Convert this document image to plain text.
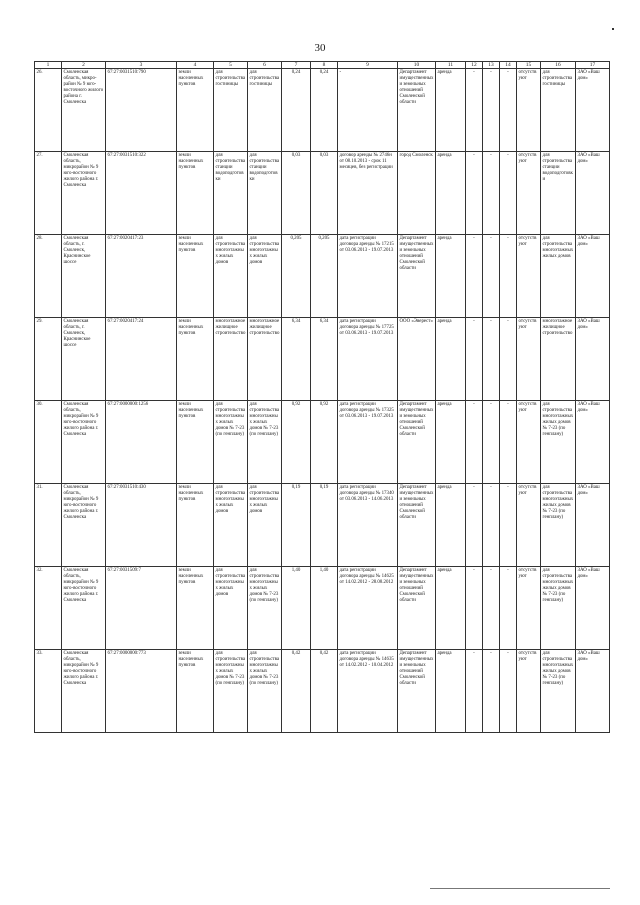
30
1	2	3	4	5	6	7	8	9	10	11	12	13	14	15	16	17
26.	Смоленская область, микро-район № 9 юго-восточного жилого района г. Смоленска	67:27:0031510:790	земли населенных пунктов	для строительства гостиницы	для строительства гостиницы	0,24	0,24	-	Департамент имущественных и земельных отношений Смоленской области	аренда	-	-	-	отсутствуют	для строительства гостиницы	ЗАО «Ваш дом»
27.	Смоленская область, микрорайон № 9 юго-восточного жилого района г. Смоленска	67:27:0031510:322	земли населенных пунктов	для строительства станции водоподготовки	для строительства станции водоподготовки	0,03	0,03	договор аренды № 2746н от 08.10.2013 - срок 11 месяцев, без регистрации	город Смоленск	аренда	-	-	-	отсутствуют	для строительства станции водоподготовки	ЗАО «Ваш дом»
28.	Смоленская область, г. Смоленск, Краснинское шоссе	67:27:0020417:23	земли населенных пунктов	для строительства многоэтажных жилых домов	для строительства многоэтажных жилых домов	0,205	0,205	дата регистрации договора аренды № 17215 от 03.06.2013 - 19.07.2013	Департамент имущественных и земельных отношений Смоленской области	аренда	-	-	-	отсутствуют	для строительства многоэтажных жилых домов	ЗАО «Ваш дом»
29.	Смоленская область, г. Смоленск, Краснинское шоссе	67:27:0020417:24	земли населенных пунктов	многоэтажное жилищное строительство	многоэтажное жилищное строительство	6,34	6,34	дата регистрации договора аренды № 17725 от 03.06.2013 - 19.07.2013	ООО «Эверест»	аренда	-	-	-	отсутствуют	многоэтажное жилищное строительство	ЗАО «Ваш дом»
30.	Смоленская область, микрорайон № 9 юго-восточного жилого района г. Смоленска	67:27:0000000:1256	земли населенных пунктов	для строительства многоэтажных жилых домов № 7-23 (по генплану)	для строительства многоэтажных жилых домов № 7-23 (по генплану)	0,92	0,92	дата регистрации договора аренды № 17325 от 03.06.2013 - 19.07.2013	Департамент имущественных и земельных отношений Смоленской области	аренда	-	-	-	отсутствуют	для строительства многоэтажных жилых домов № 7-23 (по генплану)	ЗАО «Ваш дом»
31.	Смоленская область, микрорайон № 9 юго-восточного жилого района г. Смоленска	67:27:0031510:430	земли населенных пунктов	для строительства многоэтажных жилых домов	для строительства многоэтажных жилых домов	0,19	0,19	дата регистрации договора аренды № 17340 от 03.06.2013 - 14.06.2013	Департамент имущественных и земельных отношений Смоленской области	аренда	-	-	-	отсутствуют	для строительства многоэтажных жилых домов № 7-23 (по генплану)	ЗАО «Ваш дом»
32.	Смоленская область, микрорайон № 9 юго-восточного жилого района г. Смоленска	67:27:0031509:7	земли населенных пунктов	для строительства многоэтажных жилых домов	для строительства многоэтажных жилых домов № 7-23 (по генплану)	1,40	1,40	дата регистрации договора аренды № 14625 от 14.02.2012 - 28.08.2012	Департамент имущественных и земельных отношений Смоленской области	аренда	-	-	-	отсутствуют	для строительства многоэтажных жилых домов № 7-23 (по генплану)	ЗАО «Ваш дом»
33.	Смоленская область, микрорайон № 9 юго-восточного жилого района г. Смоленска	67:27:0000000:773	земли населенных пунктов	для строительства многоэтажных жилых домов № 7-23 (по генплану)	для строительства многоэтажных жилых домов № 7-23 (по генплану)	0,42	0,42	дата регистрации договора аренды № 14635 от 14.02.2012 - 10.04.2012	Департамент имущественных и земельных отношений Смоленской области	аренда	-	-	-	отсутствуют	для строительства многоэтажных жилых домов № 7-23 (по генплану)	ЗАО «Ваш дом»
